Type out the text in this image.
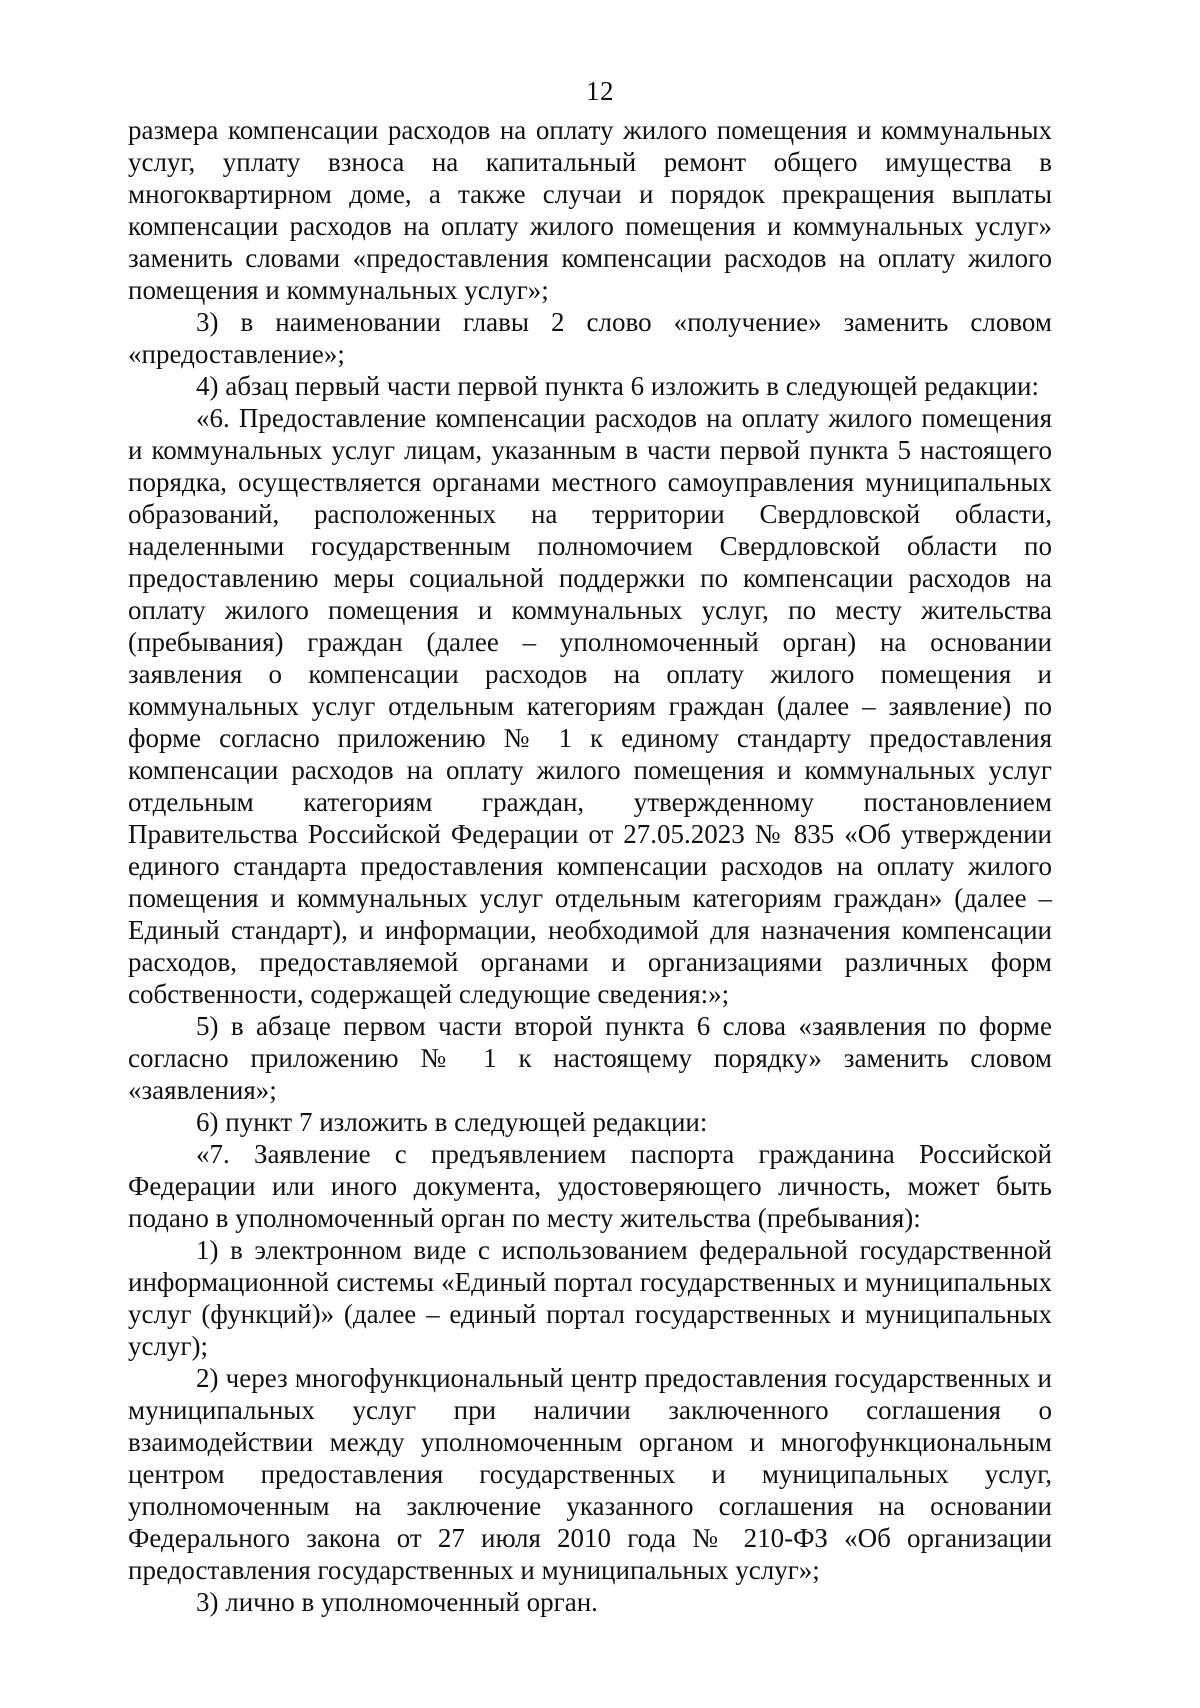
12

размера компенсации расходов на оплату жилого помещения и коммунальных услуг, уплату взноса на капитальный ремонт общего имущества в многоквартирном доме, а также случаи и порядок прекращения выплаты компенсации расходов на оплату жилого помещения и коммунальных услуг» заменить словами «предоставления компенсации расходов на оплату жилого помещения и коммунальных услуг»;

3) в наименовании главы 2 слово «получение» заменить словом «предоставление»;

4) абзац первый части первой пункта 6 изложить в следующей редакции:

«6. Предоставление компенсации расходов на оплату жилого помещения и коммунальных услуг лицам, указанным в части первой пункта 5 настоящего порядка, осуществляется органами местного самоуправления муниципальных образований, расположенных на территории Свердловской области, наделенными государственным полномочием Свердловской области по предоставлению меры социальной поддержки по компенсации расходов на оплату жилого помещения и коммунальных услуг, по месту жительства (пребывания) граждан (далее – уполномоченный орган) на основании заявления о компенсации расходов на оплату жилого помещения и коммунальных услуг отдельным категориям граждан (далее – заявление) по форме согласно приложению № 1 к единому стандарту предоставления компенсации расходов на оплату жилого помещения и коммунальных услуг отдельным категориям граждан, утвержденному постановлением Правительства Российской Федерации от 27.05.2023 № 835 «Об утверждении единого стандарта предоставления компенсации расходов на оплату жилого помещения и коммунальных услуг отдельным категориям граждан» (далее – Единый стандарт), и информации, необходимой для назначения компенсации расходов, предоставляемой органами и организациями различных форм собственности, содержащей следующие сведения:»;

5) в абзаце первом части второй пункта 6 слова «заявления по форме согласно приложению № 1 к настоящему порядку» заменить словом «заявления»;

6) пункт 7 изложить в следующей редакции:

«7. Заявление с предъявлением паспорта гражданина Российской Федерации или иного документа, удостоверяющего личность, может быть подано в уполномоченный орган по месту жительства (пребывания):

1) в электронном виде с использованием федеральной государственной информационной системы «Единый портал государственных и муниципальных услуг (функций)» (далее – единый портал государственных и муниципальных услуг);

2) через многофункциональный центр предоставления государственных и муниципальных услуг при наличии заключенного соглашения о взаимодействии между уполномоченным органом и многофункциональным центром предоставления государственных и муниципальных услуг, уполномоченным на заключение указанного соглашения на основании Федерального закона от 27 июля 2010 года № 210-ФЗ «Об организации предоставления государственных и муниципальных услуг»;

3) лично в уполномоченный орган.
